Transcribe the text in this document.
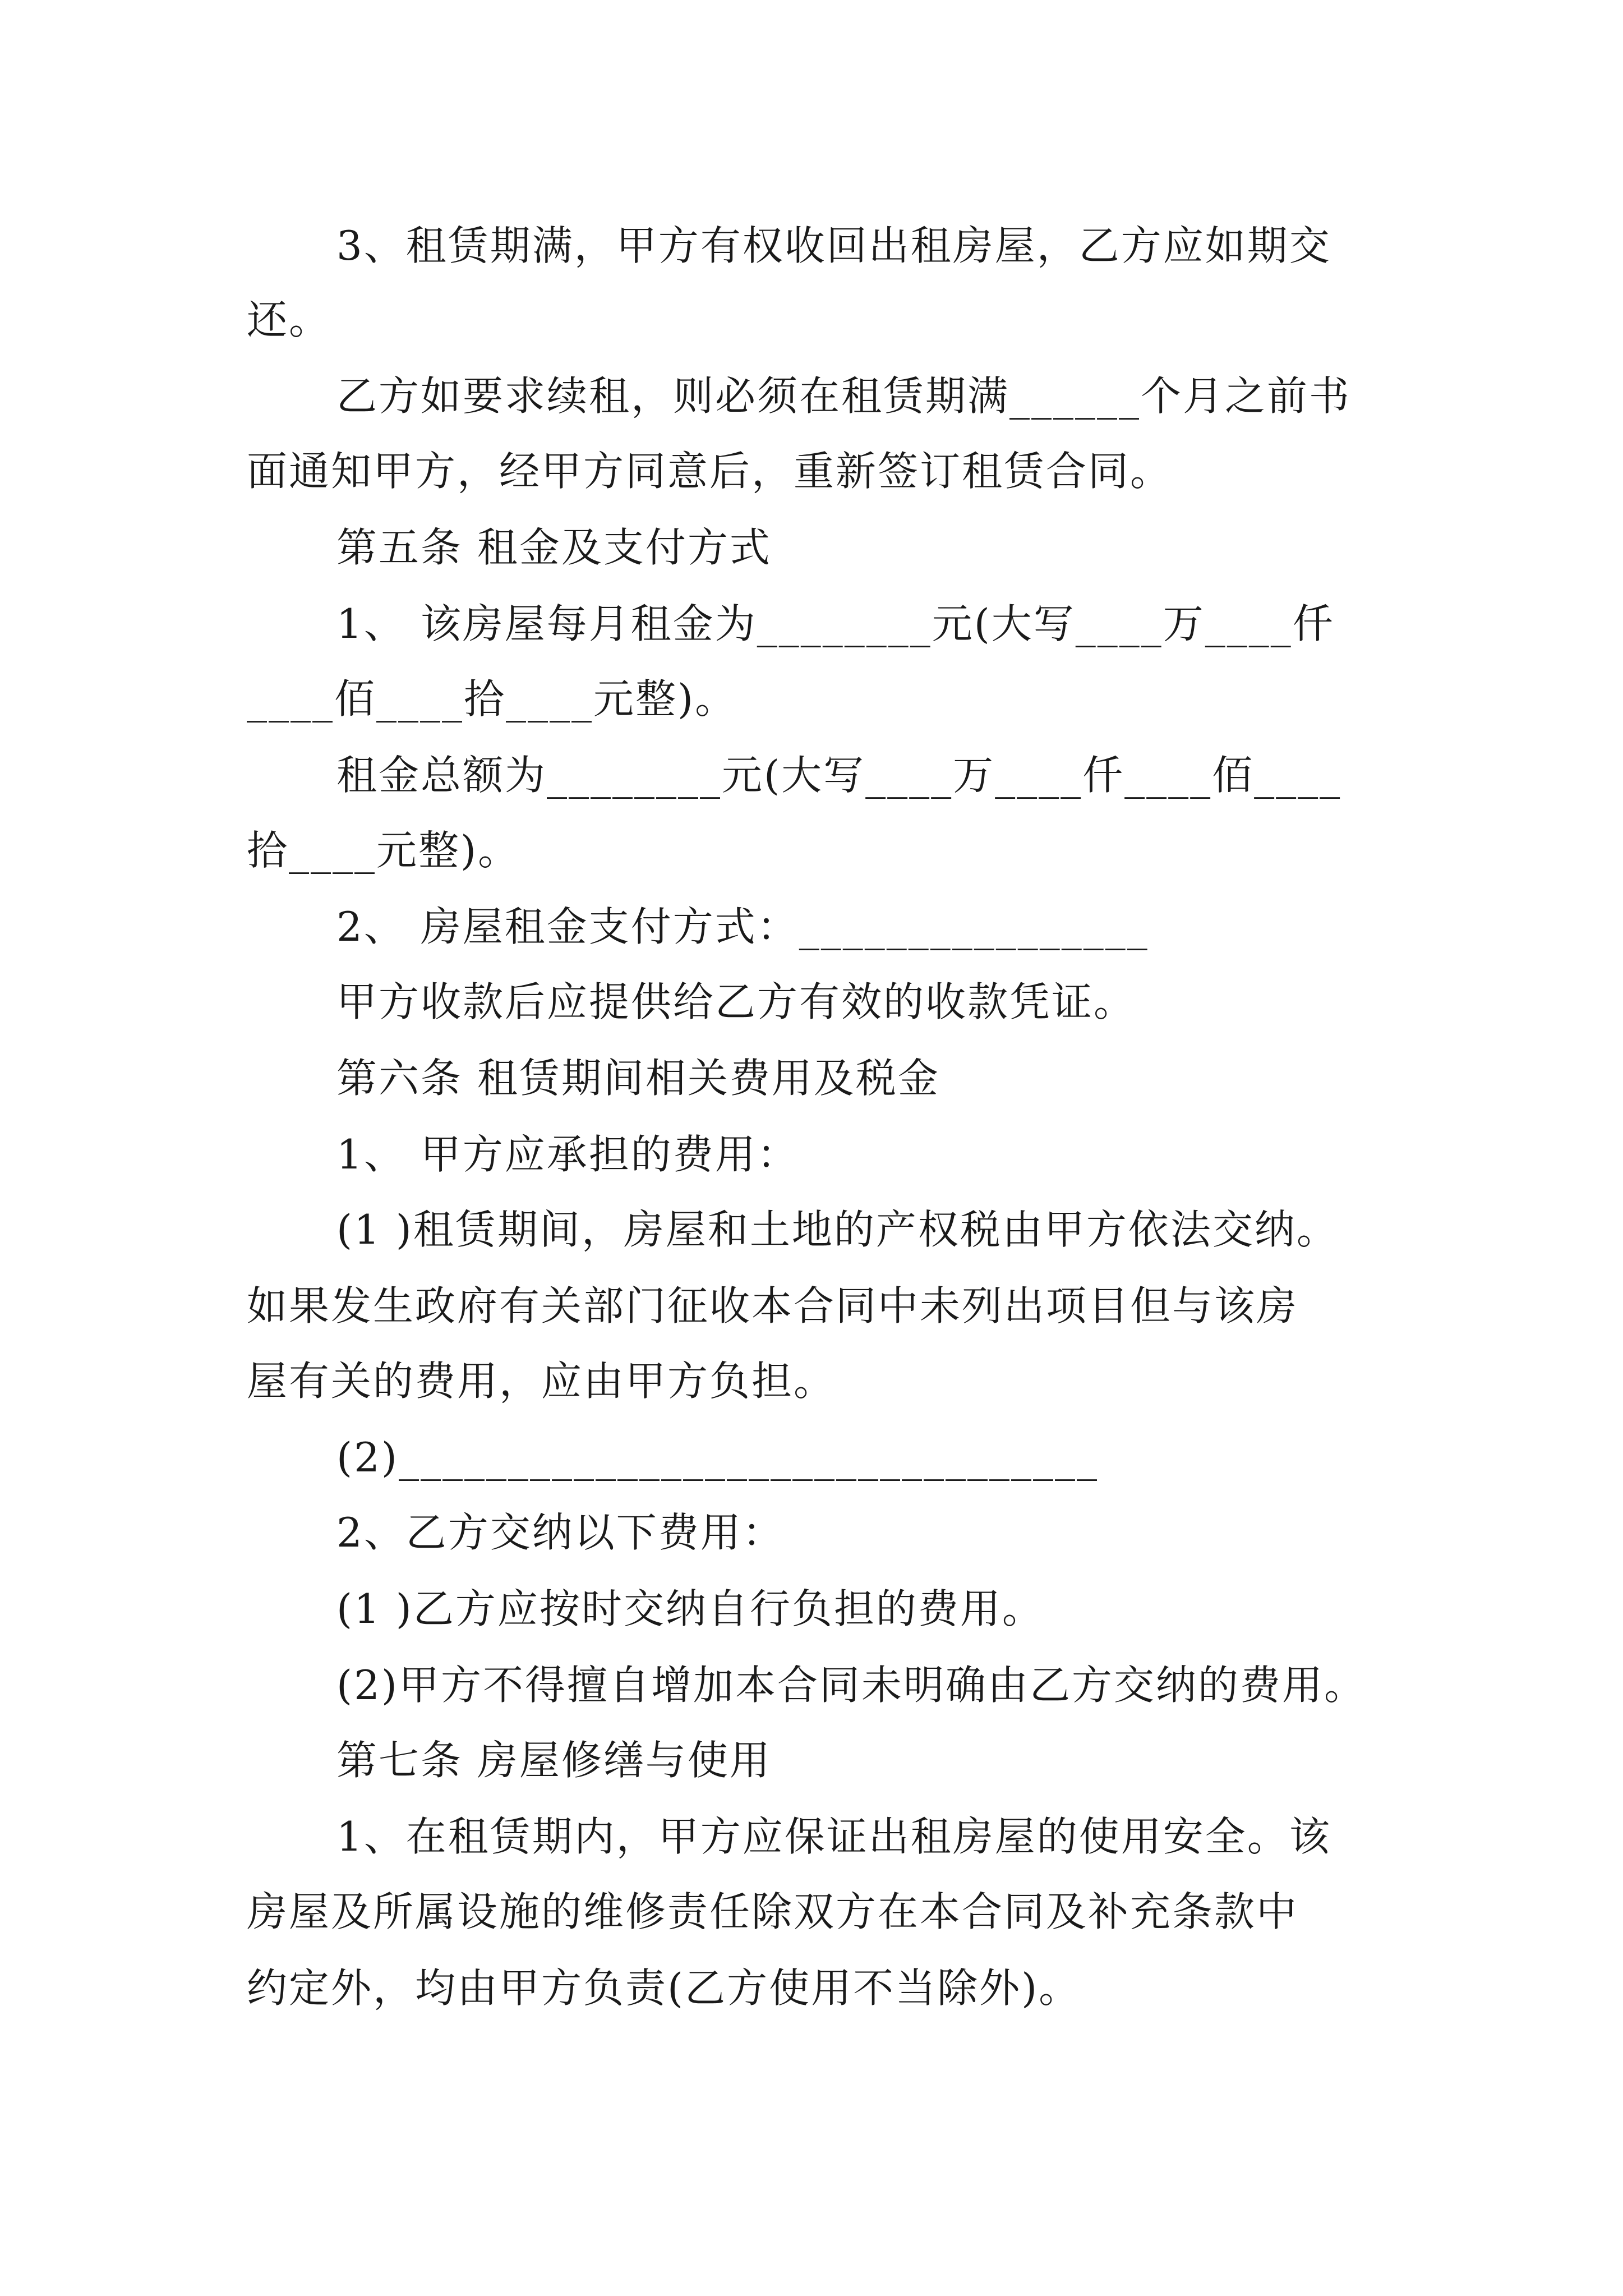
3、租赁期满，甲方有权收回出租房屋，乙方应如期交
还。
乙方如要求续租，则必须在租赁期满______个月之前书
面通知甲方，经甲方同意后，重新签订租赁合同。
第五条 租金及支付方式
1、 该房屋每月租金为________元(大写____万____仟
____佰____拾____元整)。
租金总额为________元(大写____万____仟____佰____
拾____元整)。
2、 房屋租金支付方式：________________
甲方收款后应提供给乙方有效的收款凭证。
第六条 租赁期间相关费用及税金
1、 甲方应承担的费用：
(1 )租赁期间，房屋和土地的产权税由甲方依法交纳。
如果发生政府有关部门征收本合同中未列出项目但与该房
屋有关的费用，应由甲方负担。
(2)________________________________
2、乙方交纳以下费用：
(1 )乙方应按时交纳自行负担的费用。
(2)甲方不得擅自增加本合同未明确由乙方交纳的费用。
第七条 房屋修缮与使用
1、在租赁期内，甲方应保证出租房屋的使用安全。该
房屋及所属设施的维修责任除双方在本合同及补充条款中
约定外，均由甲方负责(乙方使用不当除外)。
